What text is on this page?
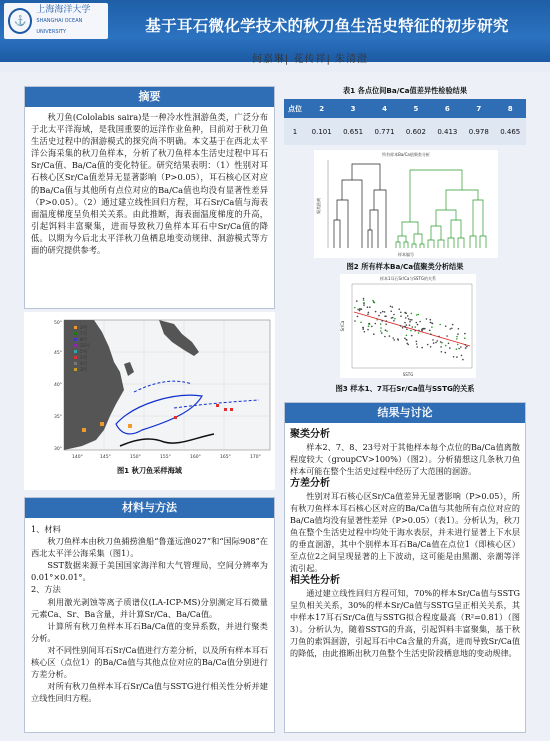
⚓
上海海洋大学
SHANGHAI OCEAN UNIVERSITY	基于耳石微化学技术的秋刀鱼生活史特征的初步研究
何嘉琳| 花传祥| 朱清澄
摘要
秋刀鱼(Cololabis saira)是一种冷水性洄游鱼类，广泛分布于北太平洋海域，是我国重要的远洋作业鱼种，目前对于秋刀鱼生活史过程中的洄游模式的探究尚不明确。本文基于在西北太平洋公海采集的秋刀鱼样本，分析了秋刀鱼样本生活史过程中耳石Sr/Ca值、Ba/Ca值的变化特征。研究结果表明：（1）性别对耳石核心区Sr/Ca值差异无显著影响（P>0.05），耳石核心区对应的Ba/Ca值与其他所有点位对应的Ba/Ca值也均没有显著性差异（P>0.05）。（2）通过建立线性回归方程，耳石Sr/Ca值与海表面温度梯度呈负相关关系。由此推断，海表面温度梯度的升高，引起饵料丰富聚集，进而导致秋刀鱼样本耳石中Sr/Ca值的降低。以期为今后北太平洋秋刀鱼栖息地变动规律、洄游模式等方面的研究提供参考。
2号
7号
8号
23号
5号
1号
4号
3号
50°
45°
40°
35°
30°
140°	145°	150°	155°	160°	165°	170°
图1 秋刀鱼采样海域
材料与方法
1、材料
秋刀鱼样本由秋刀鱼捕捞渔船“鲁蓬远渔027”和“国际908”在西北太平洋公海采集（图1）。
SST数据来源于美国国家海洋和大气管理局，空间分辨率为0.01°×0.01°。
2、方法
利用激光剥蚀等离子质谱仪(LA-ICP-MS)分别测定耳石微量元素Ca、Sr、Ba含量，并计算Sr/Ca、Ba/Ca值。
计算所有秋刀鱼样本耳石Ba/Ca值的变异系数，并进行聚类分析。
对不同性别间耳石Sr/Ca值进行方差分析，以及所有样本耳石核心区（点位1）的Ba/Ca值与其他点位对应的Ba/Ca值分别进行方差分析。
对所有秋刀鱼样本耳石Sr/Ca值与SSTG进行相关性分析并建立线性回归方程。
表1 各点位间Ba/Ca值差异性检验结果
点位	2	3	4	5	6	7	8
1	0.101	0.651	0.771	0.602	0.413	0.978	0.465
所有样本Ba/Ca值聚类分析
聚类距离
样本编号
图2 所有样本Ba/Ca值聚类分析结果
样本1耳石Sr/Ca与SSTG的关系
Sr/Ca
SSTG
图3 样本1、7耳石Sr/Ca值与SSTG的关系
结果与讨论
聚类分析
样本2、7、8、23号对于其他样本每个点位的Ba/Ca值离散程度较大（groupCV>100%）（图2）。分析猜想这几条秋刀鱼样本可能在整个生活史过程中经历了大范围的洄游。
方差分析
性别对耳石核心区Sr/Ca值差异无显著影响（P>0.05），所有秋刀鱼样本耳石核心区对应的Ba/Ca值与其他所有点位对应的Ba/Ca值均没有显著性差异（P>0.05）（表1）。分析认为，秋刀鱼在整个生活史过程中均处于海水表层，并未进行显著上下水层的垂直洄游，其中个别样本耳石Ba/Ca值在点位1（即核心区）至点位2之间呈现显著的上下波动，这可能是由黑潮、亲潮等洋流引起。
相关性分析
通过建立线性回归方程可知，70%的样本Sr/Ca值与SSTG呈负相关关系，30%的样本Sr/Ca值与SSTG呈正相关关系，其中样本17耳石Sr/Ca值与SSTG拟合程度最高（R²=0.81）（图3）。分析认为，随着SSTG的升高，引起饵料丰富聚集，基于秋刀鱼的索饵洄游，引起耳石中Ca含量的升高，进而导致Sr/Ca值的降低，由此推断出秋刀鱼整个生活史阶段栖息地的变动规律。
